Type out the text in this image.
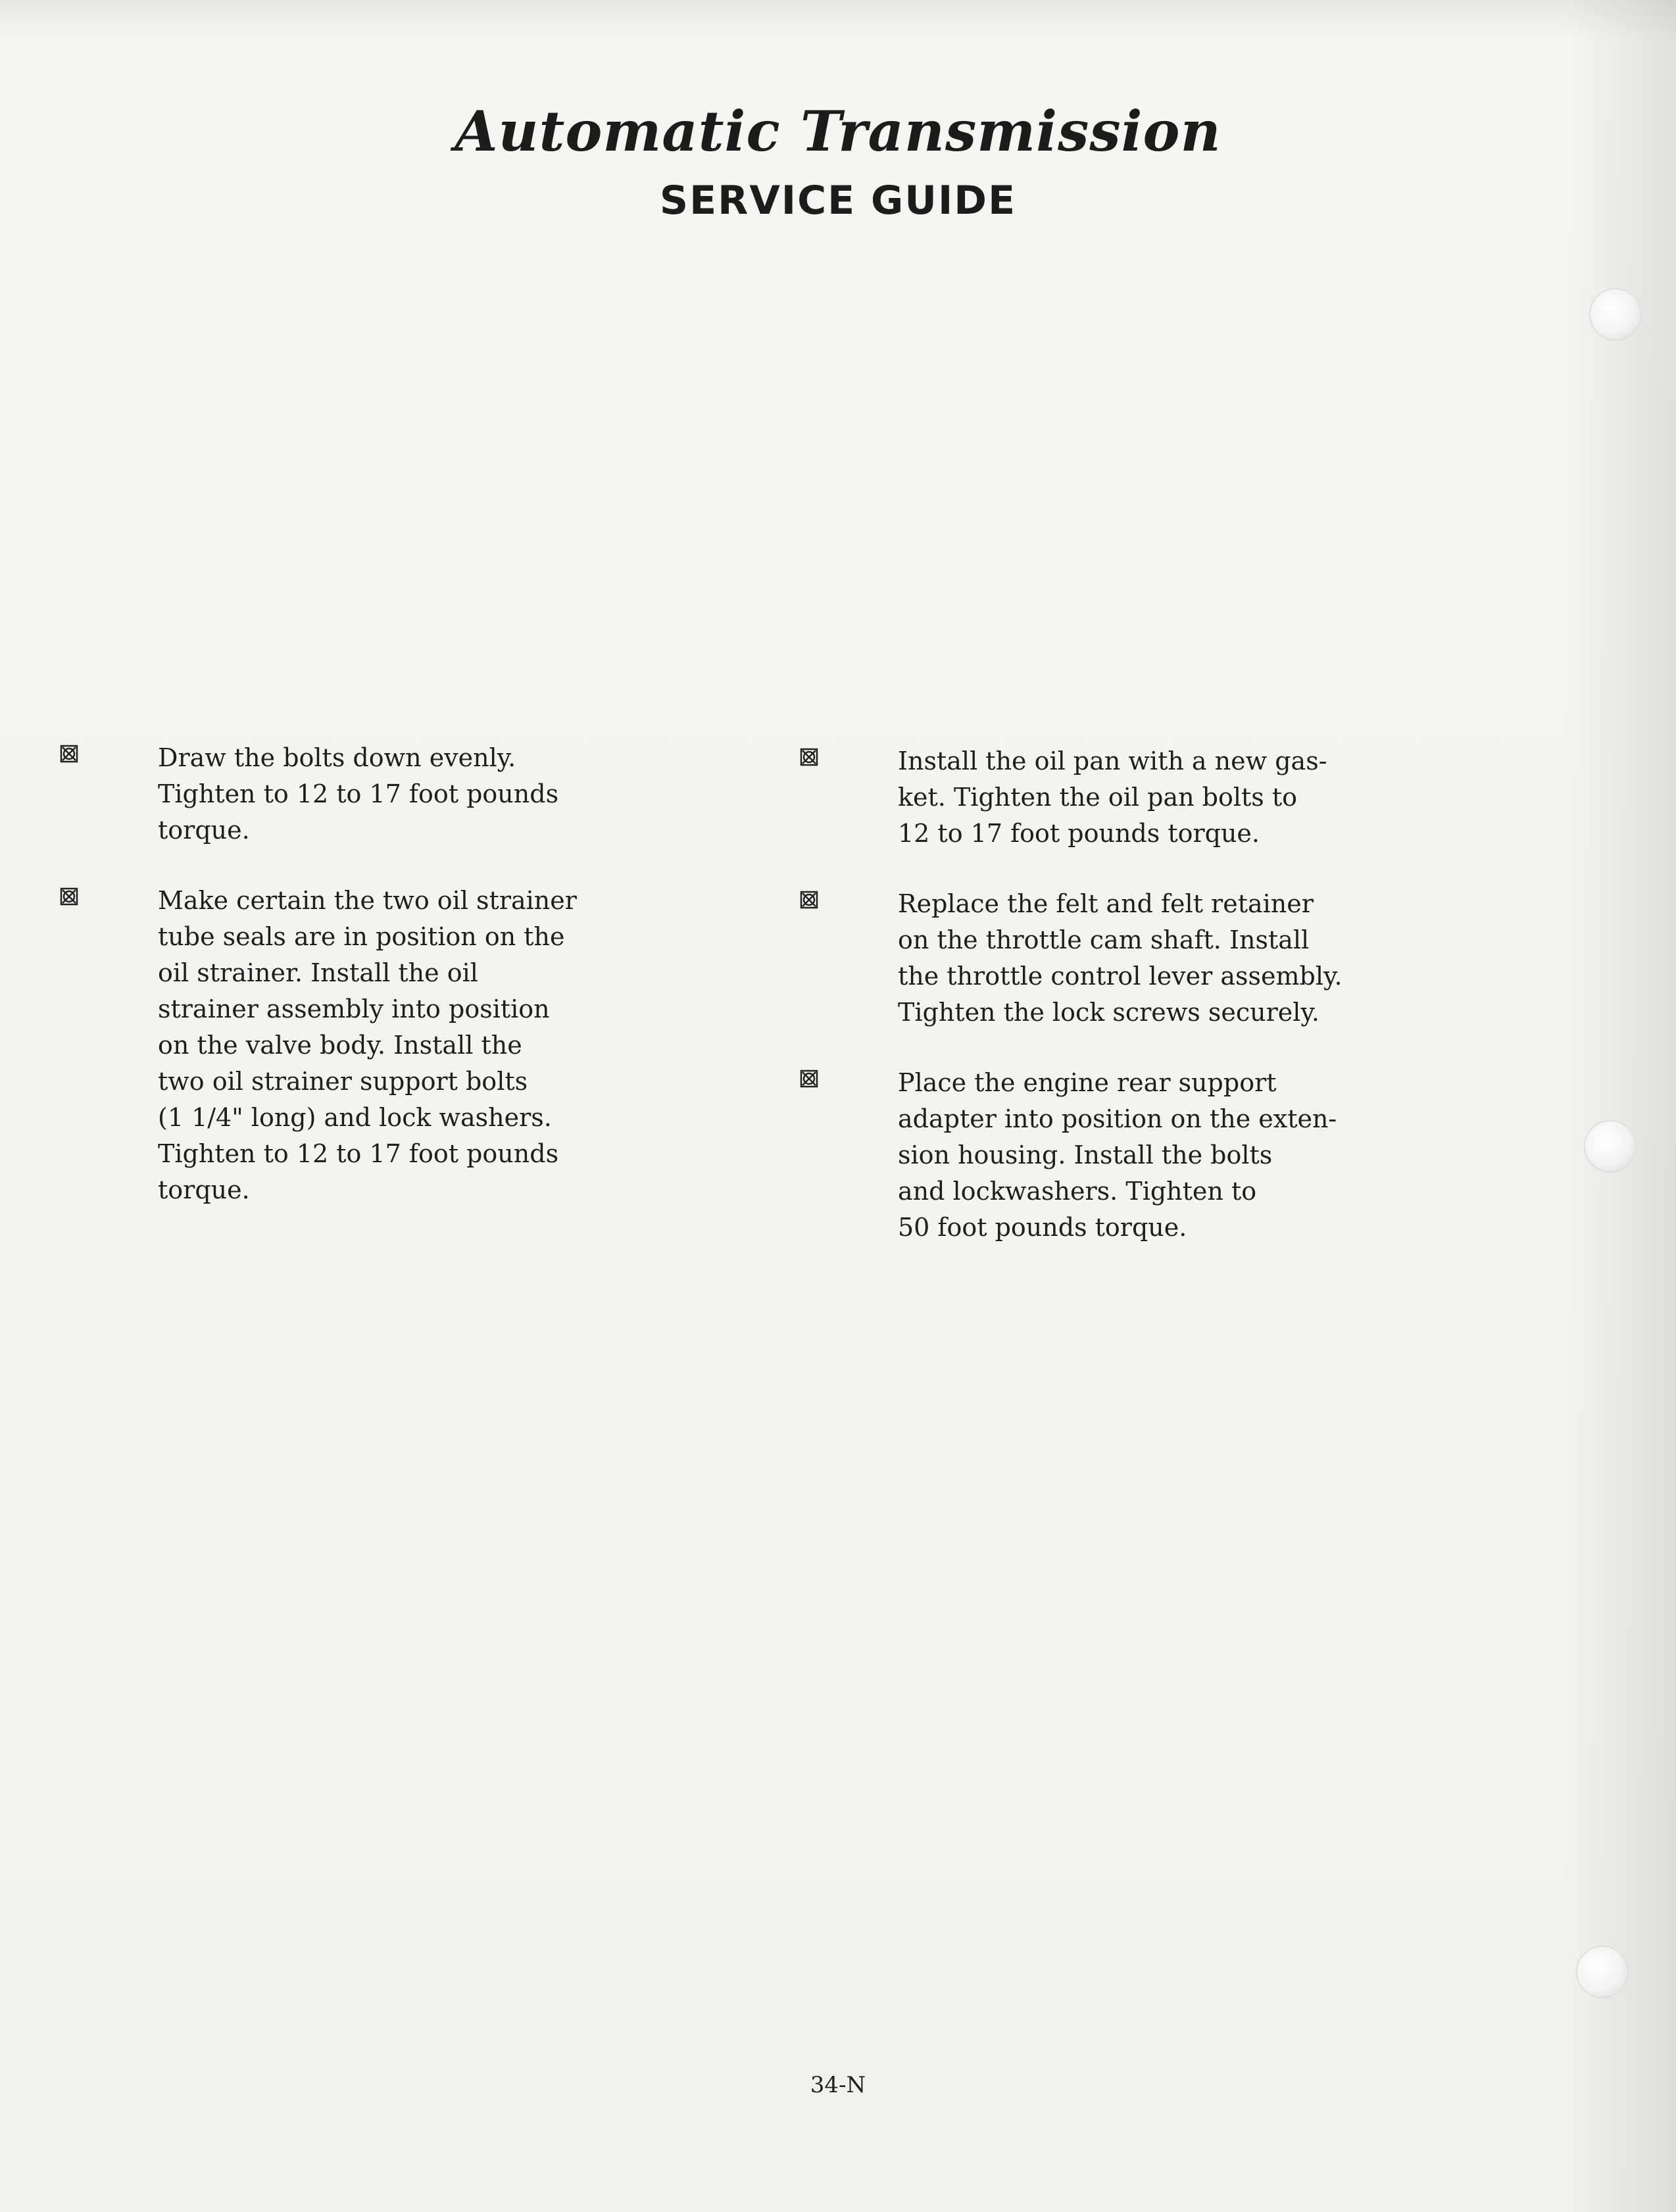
Automatic Transmission
SERVICE GUIDE
Draw the bolts down evenly.
Tighten to 12 to 17 foot pounds
torque.
Make certain the two oil strainer
tube seals are in position on the
oil strainer. Install the oil
strainer assembly into position
on the valve body. Install the
two oil strainer support bolts
(1 1/4" long) and lock washers.
Tighten to 12 to 17 foot pounds
torque.
Install the oil pan with a new gas-
ket. Tighten the oil pan bolts to
12 to 17 foot pounds torque.
Replace the felt and felt retainer
on the throttle cam shaft. Install
the throttle control lever assembly.
Tighten the lock screws securely.
Place the engine rear support
adapter into position on the exten-
sion housing. Install the bolts
and lockwashers. Tighten to
50 foot pounds torque.
34-N
